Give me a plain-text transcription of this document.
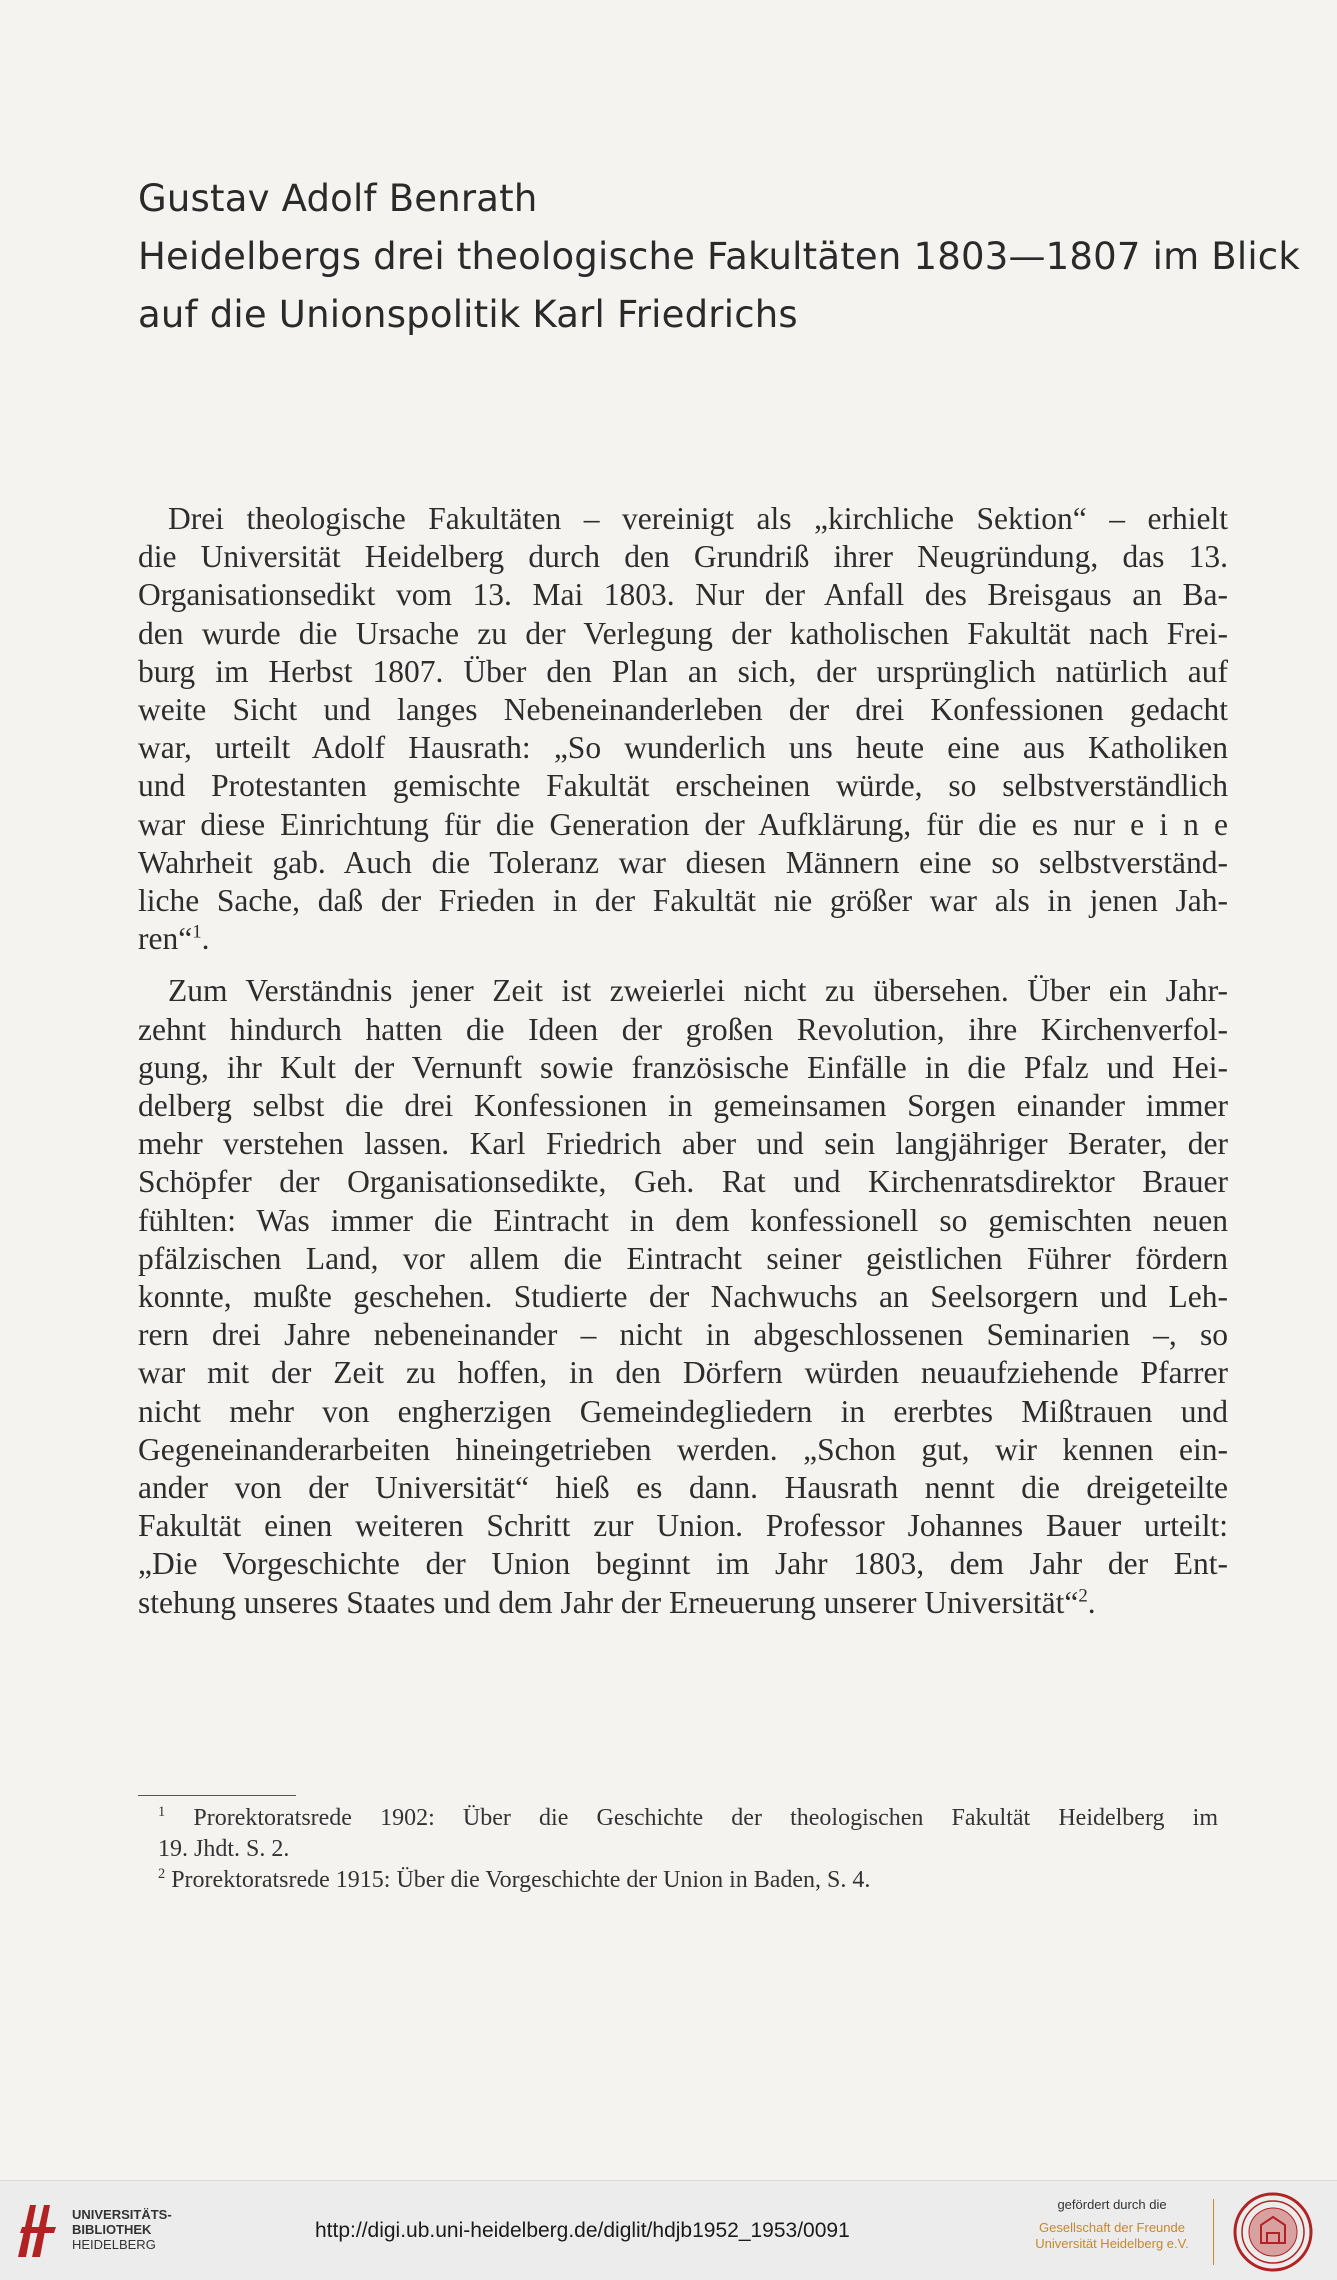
Gustav Adolf Benrath
Heidelbergs drei theologische Fakultäten 1803—1807 im Blick
auf die Unionspolitik Karl Friedrichs

Drei theologische Fakultäten – vereinigt als „kirchliche Sektion“ – erhielt
die Universität Heidelberg durch den Grundriß ihrer Neugründung, das 13.
Organisationsedikt vom 13. Mai 1803. Nur der Anfall des Breisgaus an Ba-
den wurde die Ursache zu der Verlegung der katholischen Fakultät nach Frei-
burg im Herbst 1807. Über den Plan an sich, der ursprünglich natürlich auf
weite Sicht und langes Nebeneinanderleben der drei Konfessionen gedacht
war, urteilt Adolf Hausrath: „So wunderlich uns heute eine aus Katholiken
und Protestanten gemischte Fakultät erscheinen würde, so selbstverständlich
war diese Einrichtung für die Generation der Aufklärung, für die es nur e i n e
Wahrheit gab. Auch die Toleranz war diesen Männern eine so selbstverständ-
liche Sache, daß der Frieden in der Fakultät nie größer war als in jenen Jah-
ren“$^1$.

Zum Verständnis jener Zeit ist zweierlei nicht zu übersehen. Über ein Jahr-
zehnt hindurch hatten die Ideen der großen Revolution, ihre Kirchenverfol-
gung, ihr Kult der Vernunft sowie französische Einfälle in die Pfalz und Hei-
delberg selbst die drei Konfessionen in gemeinsamen Sorgen einander immer
mehr verstehen lassen. Karl Friedrich aber und sein langjähriger Berater, der
Schöpfer der Organisationsedikte, Geh. Rat und Kirchenratsdirektor Brauer
fühlten: Was immer die Eintracht in dem konfessionell so gemischten neuen
pfälzischen Land, vor allem die Eintracht seiner geistlichen Führer fördern
konnte, mußte geschehen. Studierte der Nachwuchs an Seelsorgern und Leh-
rern drei Jahre nebeneinander – nicht in abgeschlossenen Seminarien –, so
war mit der Zeit zu hoffen, in den Dörfern würden neuaufziehende Pfarrer
nicht mehr von engherzigen Gemeindegliedern in ererbtes Mißtrauen und
Gegeneinanderarbeiten hineingetrieben werden. „Schon gut, wir kennen ein-
ander von der Universität“ hieß es dann. Hausrath nennt die dreigeteilte
Fakultät einen weiteren Schritt zur Union. Professor Johannes Bauer urteilt:
„Die Vorgeschichte der Union beginnt im Jahr 1803, dem Jahr der Ent-
stehung unseres Staates und dem Jahr der Erneuerung unserer Universität“$^2$.

$^1$ Prorektoratsrede 1902: Über die Geschichte der theologischen Fakultät Heidelberg im
19. Jhdt. S. 2.
$^2$ Prorektoratsrede 1915: Über die Vorgeschichte der Union in Baden, S. 4.
UNIVERSITÄTS-
BIBLIOTHEK
HEIDELBERG
http://digi.ub.uni-heidelberg.de/diglit/hdjb1952_1953/0091
gefördert durch die
Gesellschaft der Freunde
Universität Heidelberg e.V.
